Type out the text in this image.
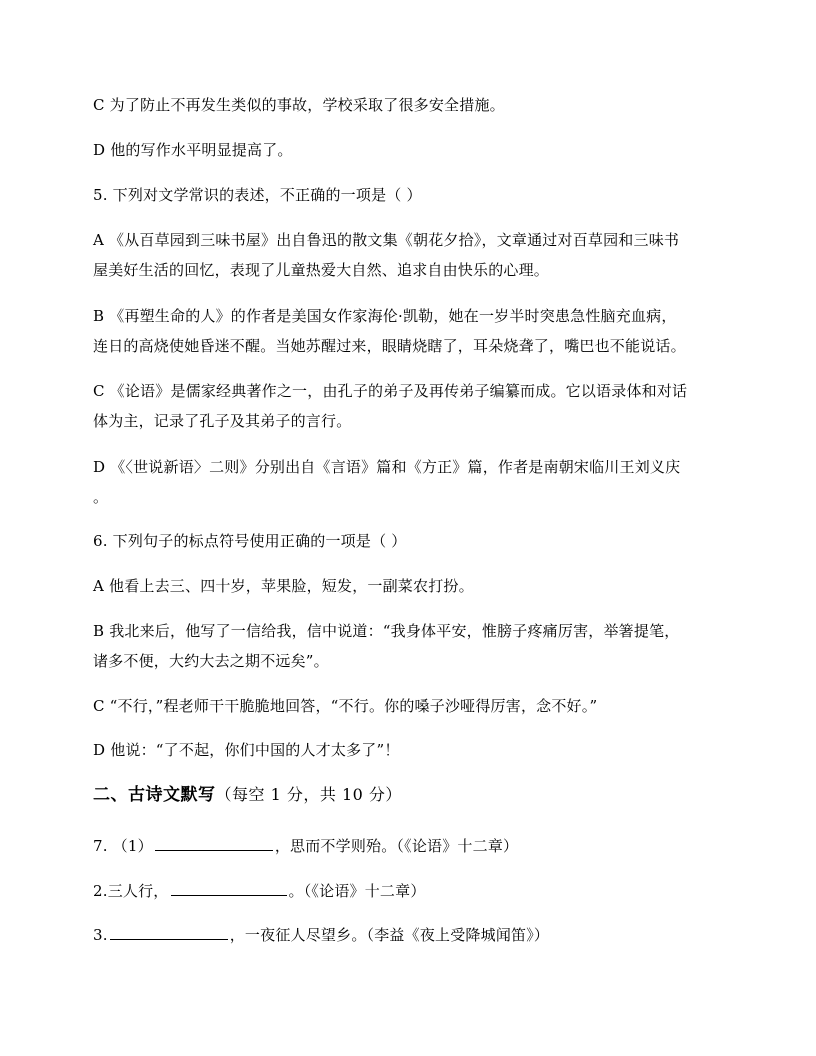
C 为了防止不再发生类似的事故，学校采取了很多安全措施。
D 他的写作水平明显提高了。
5. 下列对文学常识的表述，不正确的一项是（ ）
A 《从百草园到三味书屋》出自鲁迅的散文集《朝花夕拾》，文章通过对百草园和三味书
屋美好生活的回忆，表现了儿童热爱大自然、追求自由快乐的心理。
B 《再塑生命的人》的作者是美国女作家海伦·凯勒，她在一岁半时突患急性脑充血病，
连日的高烧使她昏迷不醒。当她苏醒过来，眼睛烧瞎了，耳朵烧聋了，嘴巴也不能说话。
C 《论语》是儒家经典著作之一，由孔子的弟子及再传弟子编纂而成。它以语录体和对话
体为主，记录了孔子及其弟子的言行。
D 《〈世说新语〉二则》分别出自《言语》篇和《方正》篇，作者是南朝宋临川王刘义庆
。
6. 下列句子的标点符号使用正确的一项是（ ）
A 他看上去三、四十岁，苹果脸，短发，一副菜农打扮。
B 我北来后，他写了一信给我，信中说道：“我身体平安，惟膀子疼痛厉害，举箸提笔，
诸多不便，大约大去之期不远矣”。
C “不行，”程老师干干脆脆地回答，“不行。你的嗓子沙哑得厉害，念不好。”
D 他说：“了不起，你们中国的人才太多了”！
二、古诗文默写（每空 1 分，共 10 分）
7. （1）	，思而不学则殆。（《论语》十二章）
2.三人行，	。（《论语》十二章）
3.	，一夜征人尽望乡。（李益《夜上受降城闻笛》）
